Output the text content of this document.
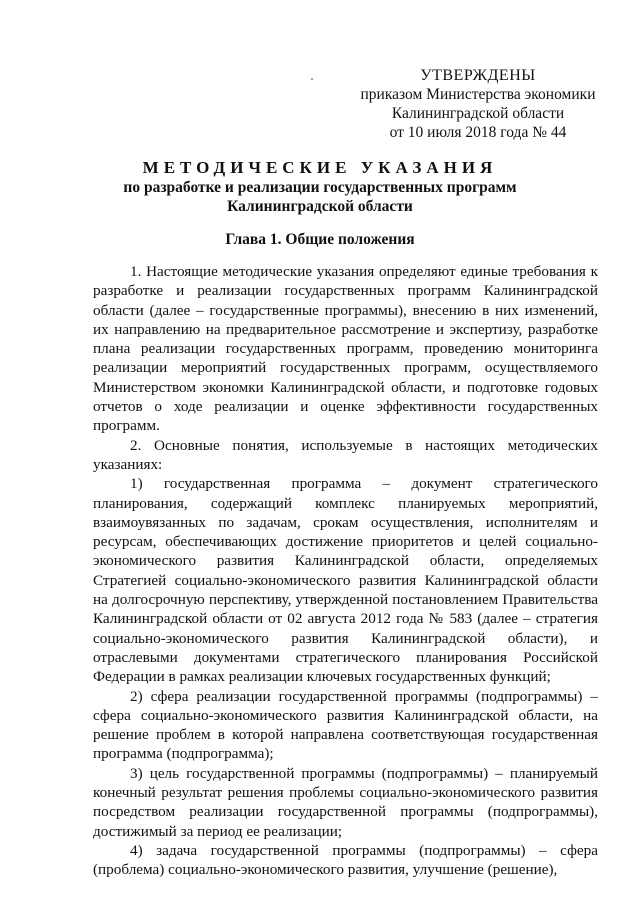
УТВЕРЖДЕНЫ
приказом Министерства экономики
Калининградской области
от 10 июля 2018 года № 44
МЕТОДИЧЕСКИЕ УКАЗАНИЯ
по разработке и реализации государственных программ
Калининградской области
Глава 1. Общие положения

1. Настоящие методические указания определяют единые требования к разработке и реализации государственных программ Калининградской области (далее – государственные программы), внесению в них изменений, их направлению на предварительное рассмотрение и экспертизу, разработке плана реализации государственных программ, проведению мониторинга реализации мероприятий государственных программ, осуществляемого Министерством экономки Калининградской области, и подготовке годовых отчетов о ходе реализации и оценке эффективности государственных программ.

2. Основные понятия, используемые в настоящих методических указаниях:

1) государственная программа – документ стратегического планирования, содержащий комплекс планируемых мероприятий, взаимоувязанных по задачам, срокам осуществления, исполнителям и ресурсам, обеспечивающих достижение приоритетов и целей социально-экономического развития Калининградской области, определяемых Стратегией социально-экономического развития Калининградской области на долгосрочную перспективу, утвержденной постановлением Правительства Калининградской области от 02 августа 2012 года № 583 (далее – стратегия социально-экономического развития Калининградской области), и отраслевыми документами стратегического планирования Российской Федерации в рамках реализации ключевых государственных функций;

2) сфера реализации государственной программы (подпрограммы) – сфера социально-экономического развития Калининградской области, на решение проблем в которой направлена соответствующая государственная программа (подпрограмма);

3) цель государственной программы (подпрограммы) – планируемый конечный результат решения проблемы социально-экономического развития посредством реализации государственной программы (подпрограммы), достижимый за период ее реализации;

4) задача государственной программы (подпрограммы) – сфера (проблема) социально-экономического развития, улучшение (решение),
